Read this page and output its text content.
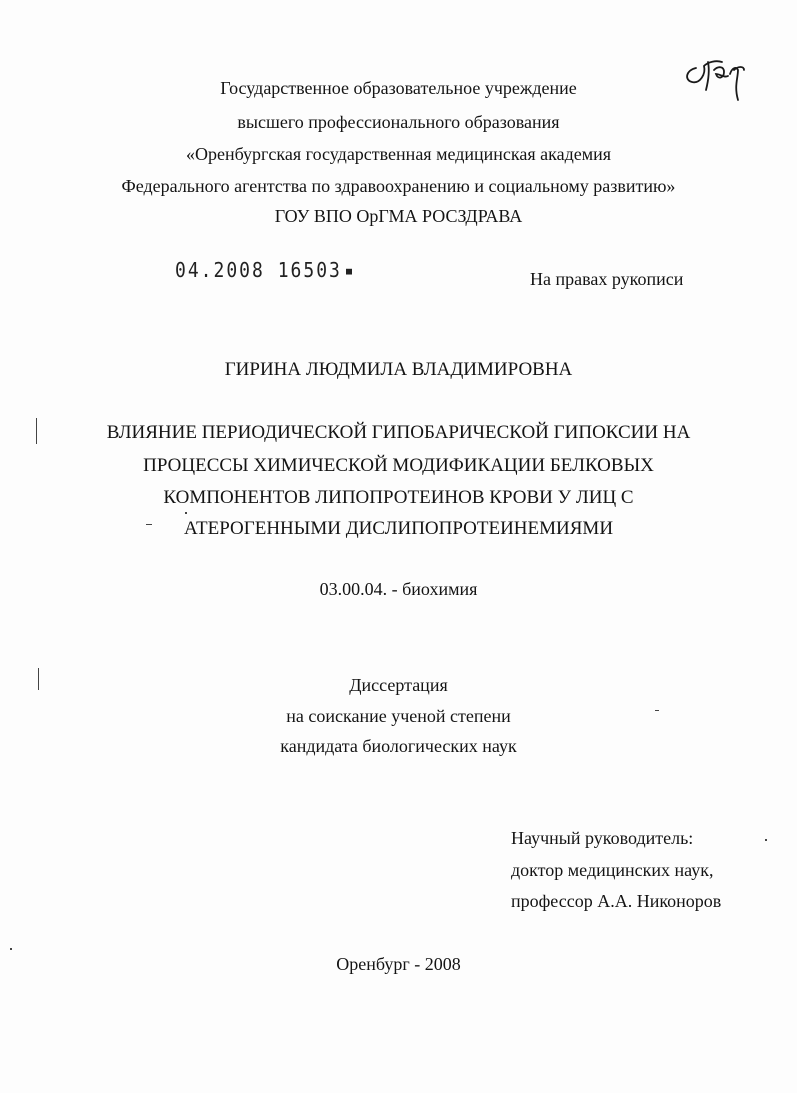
Государственное образовательное учреждение
высшего профессионального образования
«Оренбургская государственная медицинская академия
Федерального агентства по здравоохранению и социальному развитию»
ГОУ ВПО ОрГМА РОСЗДРАВА
04.2008 16503	На правах рукописи
ГИРИНА ЛЮДМИЛА ВЛАДИМИРОВНА
ВЛИЯНИЕ ПЕРИОДИЧЕСКОЙ ГИПОБАРИЧЕСКОЙ ГИПОКСИИ НА
ПРОЦЕССЫ ХИМИЧЕСКОЙ МОДИФИКАЦИИ БЕЛКОВЫХ
КОМПОНЕНТОВ ЛИПОПРОТЕИНОВ КРОВИ У ЛИЦ С
АТЕРОГЕННЫМИ ДИСЛИПОПРОТЕИНЕМИЯМИ
03.00.04. - биохимия
Диссертация
на соискание ученой степени
кандидата биологических наук
Научный руководитель:
доктор медицинских наук,
профессор А.А. Никоноров
Оренбург - 2008
